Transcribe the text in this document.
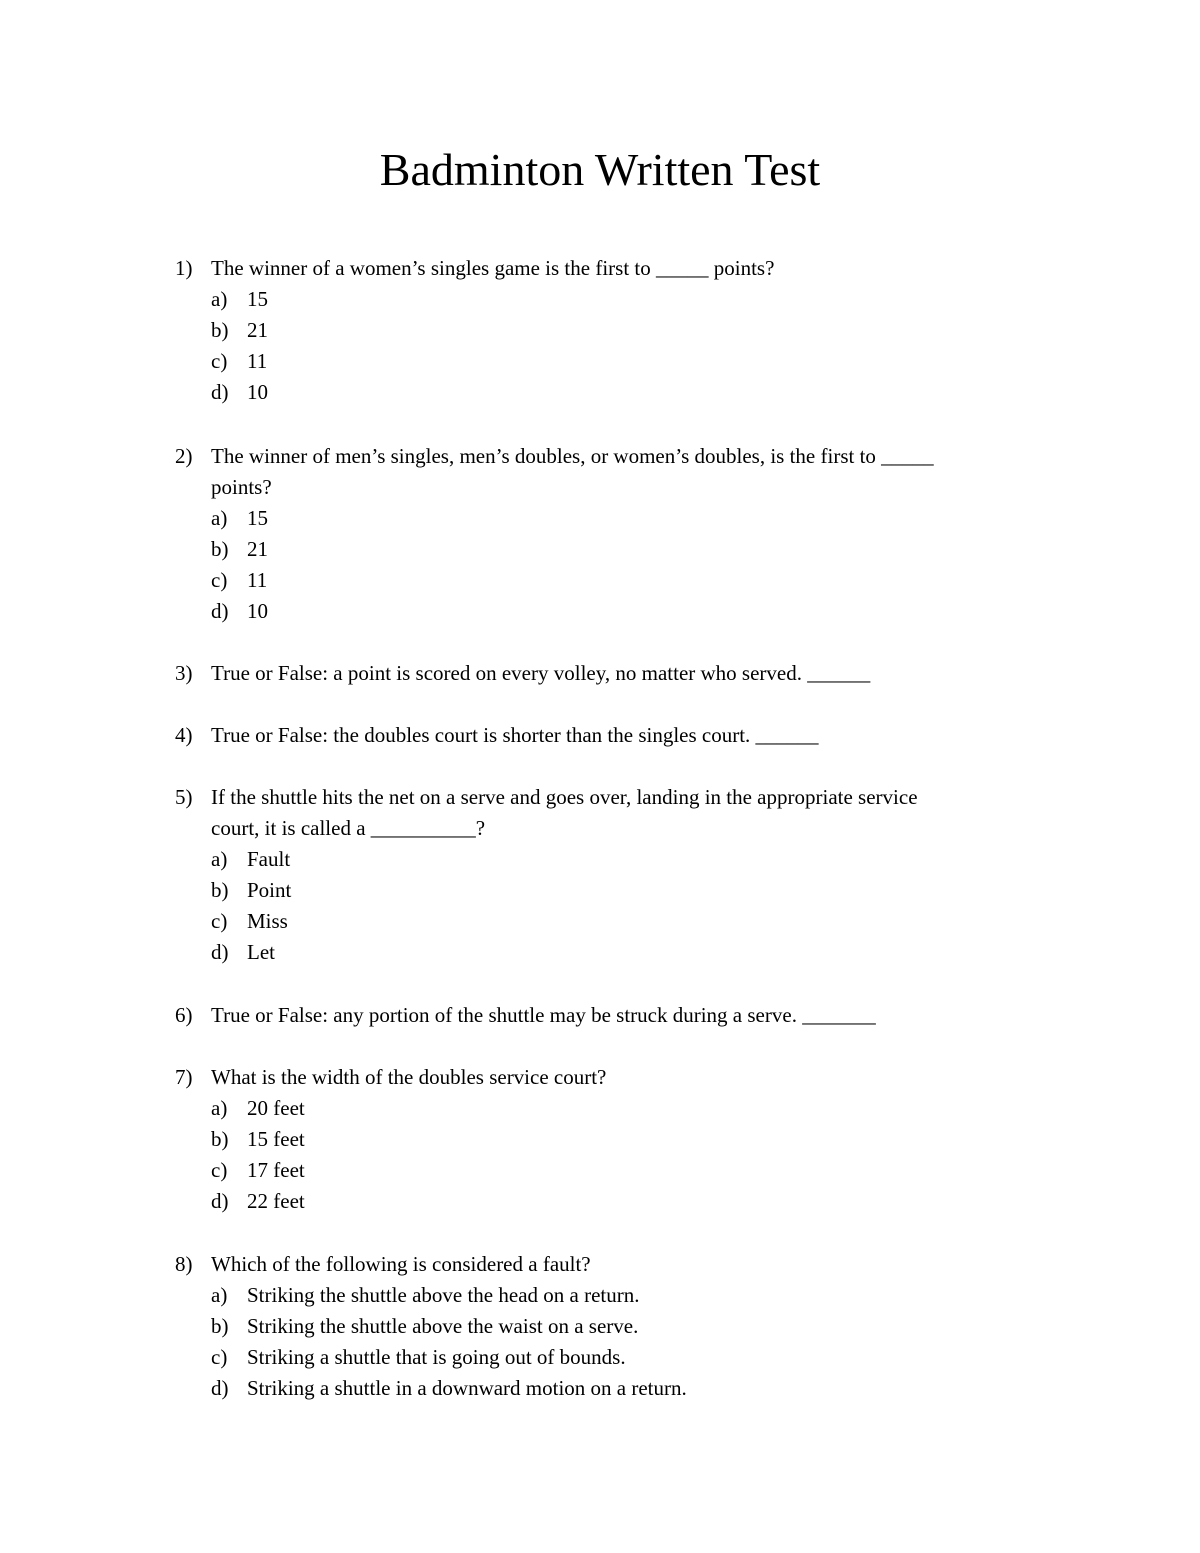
Badminton Written Test
1) The winner of a women’s singles game is the first to _____ points?
a) 15
b) 21
c) 11
d) 10
2) The winner of men’s singles, men’s doubles, or women’s doubles, is the first to _____
points?
a) 15
b) 21
c) 11
d) 10
3) True or False: a point is scored on every volley, no matter who served. ______
4) True or False: the doubles court is shorter than the singles court. ______
5) If the shuttle hits the net on a serve and goes over, landing in the appropriate service
court, it is called a __________?
a) Fault
b) Point
c) Miss
d) Let
6) True or False: any portion of the shuttle may be struck during a serve. _______
7) What is the width of the doubles service court?
a) 20 feet
b) 15 feet
c) 17 feet
d) 22 feet
8) Which of the following is considered a fault?
a) Striking the shuttle above the head on a return.
b) Striking the shuttle above the waist on a serve.
c) Striking a shuttle that is going out of bounds.
d) Striking a shuttle in a downward motion on a return.
